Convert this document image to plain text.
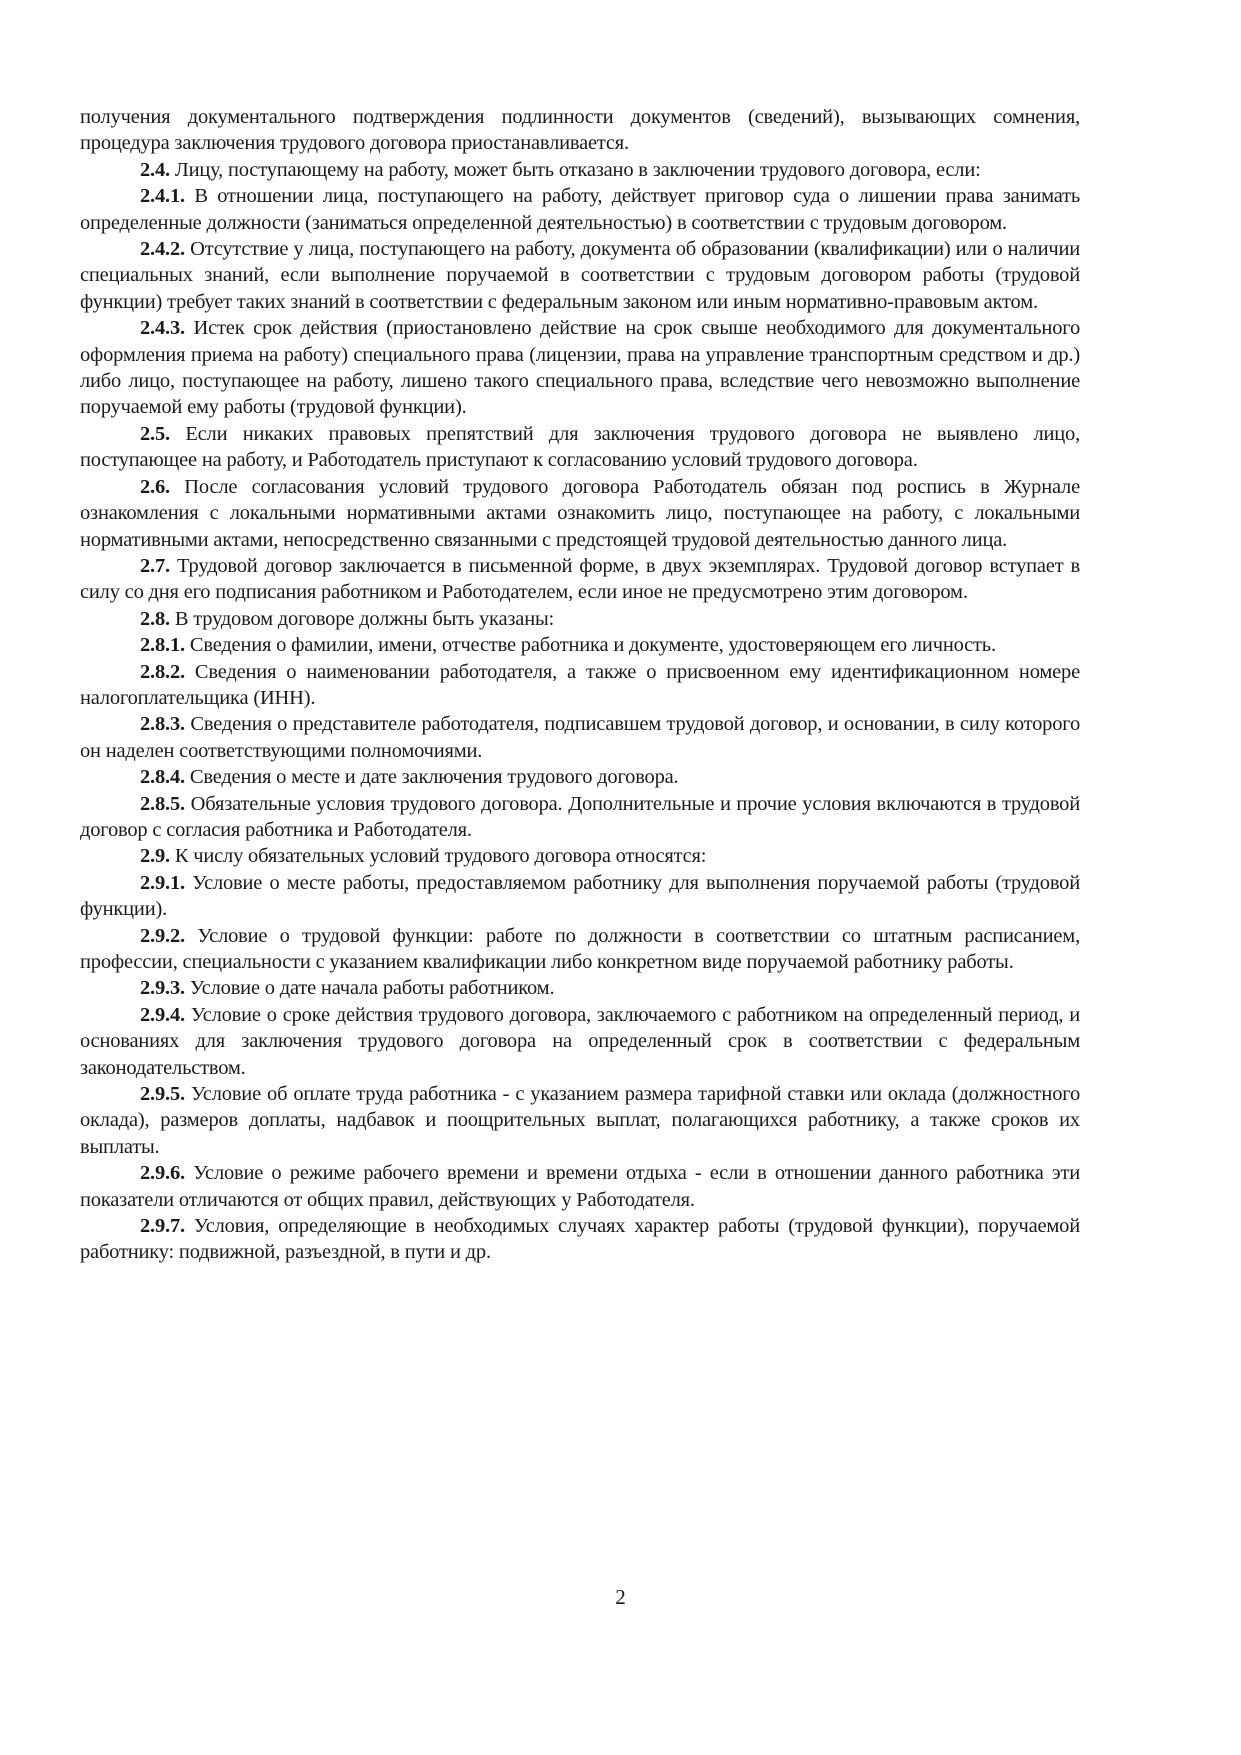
получения документального подтверждения подлинности документов (сведений), вызывающих сомнения, процедура заключения трудового договора приостанавливается.

2.4. Лицу, поступающему на работу, может быть отказано в заключении трудового договора, если:

2.4.1. В отношении лица, поступающего на работу, действует приговор суда о лишении права занимать определенные должности (заниматься определенной деятельностью) в соответствии с трудовым договором.

2.4.2. Отсутствие у лица, поступающего на работу, документа об образовании (квалификации) или о наличии специальных знаний, если выполнение поручаемой в соответствии с трудовым договором работы (трудовой функции) требует таких знаний в соответствии с федеральным законом или иным нормативно-правовым актом.

2.4.3. Истек срок действия (приостановлено действие на срок свыше необходимого для документального оформления приема на работу) специального права (лицензии, права на управление транспортным средством и др.) либо лицо, поступающее на работу, лишено такого специального права, вследствие чего невозможно выполнение поручаемой ему работы (трудовой функции).

2.5. Если никаких правовых препятствий для заключения трудового договора не выявлено лицо, поступающее на работу, и Работодатель приступают к согласованию условий трудового договора.

2.6. После согласования условий трудового договора Работодатель обязан под роспись в Журнале ознакомления с локальными нормативными актами ознакомить лицо, поступающее на работу, с локальными нормативными актами, непосредственно связанными с предстоящей трудовой деятельностью данного лица.

2.7. Трудовой договор заключается в письменной форме, в двух экземплярах. Трудовой договор вступает в силу со дня его подписания работником и Работодателем, если иное не предусмотрено этим договором.

2.8. В трудовом договоре должны быть указаны:

2.8.1. Сведения о фамилии, имени, отчестве работника и документе, удостоверяющем его личность.

2.8.2. Сведения о наименовании работодателя, а также о присвоенном ему идентификационном номере налогоплательщика (ИНН).

2.8.3. Сведения о представителе работодателя, подписавшем трудовой договор, и основании, в силу которого он наделен соответствующими полномочиями.

2.8.4. Сведения о месте и дате заключения трудового договора.

2.8.5. Обязательные условия трудового договора. Дополнительные и прочие условия включаются в трудовой договор с согласия работника и Работодателя.

2.9. К числу обязательных условий трудового договора относятся:

2.9.1. Условие о месте работы, предоставляемом работнику для выполнения поручаемой работы (трудовой функции).

2.9.2. Условие о трудовой функции: работе по должности в соответствии со штатным расписанием, профессии, специальности с указанием квалификации либо конкретном виде поручаемой работнику работы.

2.9.3. Условие о дате начала работы работником.

2.9.4. Условие о сроке действия трудового договора, заключаемого с работником на определенный период, и основаниях для заключения трудового договора на определенный срок в соответствии с федеральным законодательством.

2.9.5. Условие об оплате труда работника - с указанием размера тарифной ставки или оклада (должностного оклада), размеров доплаты, надбавок и поощрительных выплат, полагающихся работнику, а также сроков их выплаты.

2.9.6. Условие о режиме рабочего времени и времени отдыха - если в отношении данного работника эти показатели отличаются от общих правил, действующих у Работодателя.

2.9.7. Условия, определяющие в необходимых случаях характер работы (трудовой функции), поручаемой работнику: подвижной, разъездной, в пути и др.

2
